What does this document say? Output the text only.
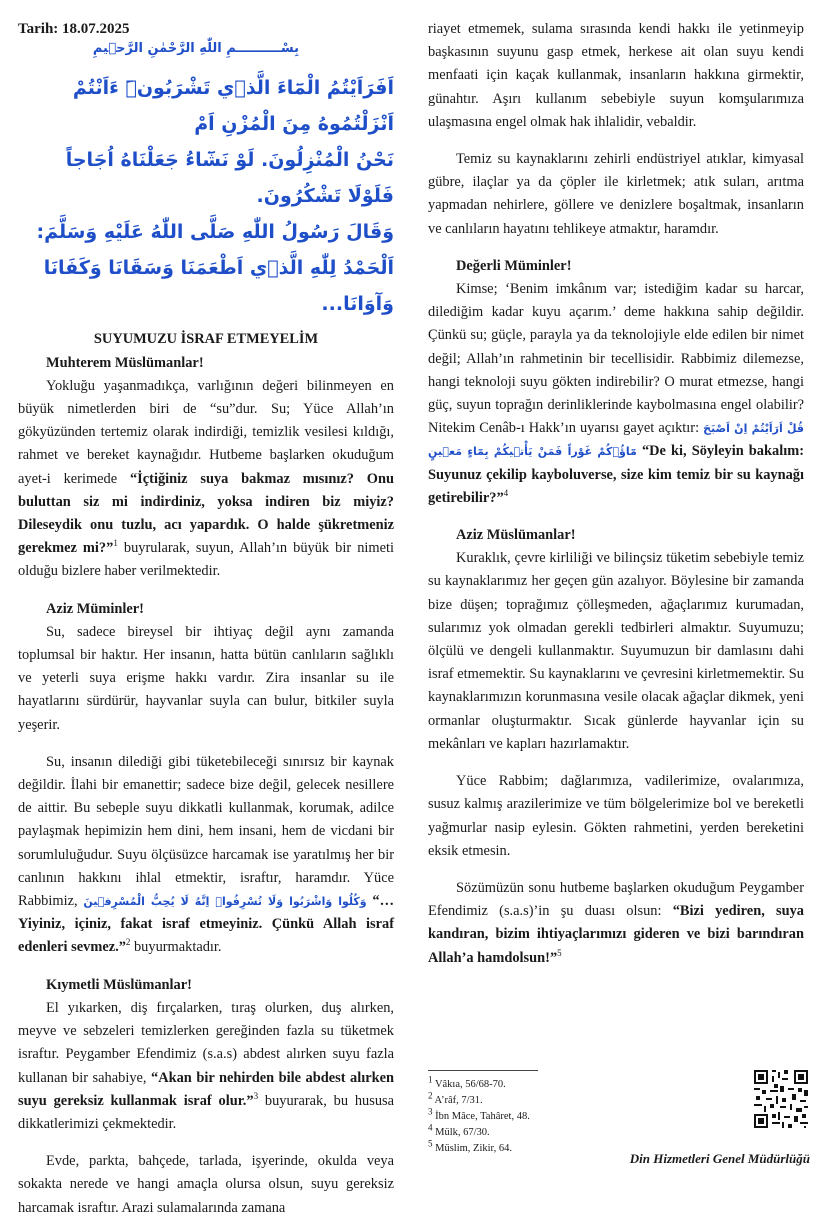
Tarih: 18.07.2025
بِسْــــــــــمِ اللّٰهِ الرَّحْمٰنِ الرَّح۪يمِ
اَفَرَاَيْتُمُ الْمَٓاءَ الَّذ۪ي تَشْرَبُونَۜ ءَاَنْتُمْ اَنْزَلْتُمُوهُ مِنَ الْمُزْنِ اَمْ
نَحْنُ الْمُنْزِلُونَ. لَوْ نَشَٓاءُ جَعَلْنَاهُ اُجَاجاً فَلَوْلَا تَشْكُرُونَ.
وَقَالَ رَسُولُ اللّٰهِ صَلَّى اللّٰهُ عَلَيْهِ وَسَلَّمَ:
اَلْحَمْدُ لِلّٰهِ الَّذ۪ي اَطْعَمَنَا وَسَقَانَا وَكَفَانَا وَآوَانَا...
SUYUMUZU İSRAF ETMEYELİM
Muhterem Müslümanlar!

Yokluğu yaşanmadıkça, varlığının değeri bilinmeyen en büyük nimetlerden biri de “su”dur. Su; Yüce Allah’ın gökyüzünden tertemiz olarak indirdiği, temizlik vesilesi kıldığı, rahmet ve bereket kaynağıdır. Hutbeme başlarken okuduğum ayet-i kerimede “İçtiğiniz suya bakmaz mısınız? Onu buluttan siz mi indirdiniz, yoksa indiren biz miyiz? Dileseydik onu tuzlu, acı yapardık. O halde şükretmeniz gerekmez mi?”$^1$ buyrularak, suyun, Allah’ın büyük bir nimeti olduğu bizlere haber verilmektedir.

Aziz Müminler!

Su, sadece bireysel bir ihtiyaç değil aynı zamanda toplumsal bir haktır. Her insanın, hatta bütün canlıların sağlıklı ve yeterli suya erişme hakkı vardır. Zira insanlar su ile hayatlarını sürdürür, hayvanlar suyla can bulur, bitkiler suyla yeşerir.

Su, insanın dilediği gibi tüketebileceği sınırsız bir kaynak değildir. İlahi bir emanettir; sadece bize değil, gelecek nesillere de aittir. Bu sebeple suyu dikkatli kullanmak, korumak, adilce paylaşmak hepimizin hem dini, hem insani, hem de vicdani bir sorumluluğudur. Suyu ölçüsüzce harcamak ise yaratılmış her bir canlının hakkını ihlal etmektir, israftır, haramdır. Yüce Rabbimiz, وَكُلُوا وَاشْرَبُوا وَلَا تُسْرِفُواۚ اِنَّهُ لَا يُحِبُّ الْمُسْرِف۪ينَ “…Yiyiniz, içiniz, fakat israf etmeyiniz. Çünkü Allah israf edenleri sevmez.”$^2$ buyurmaktadır.

Kıymetli Müslümanlar!

El yıkarken, diş fırçalarken, tıraş olurken, duş alırken, meyve ve sebzeleri temizlerken gereğinden fazla su tüketmek israftır. Peygamber Efendimiz (s.a.s) abdest alırken suyu fazla kullanan bir sahabiye, “Akan bir nehirden bile abdest alırken suyu gereksiz kullanmak israf olur.”$^3$ buyurarak, bu hususa dikkatlerimizi çekmektedir.

Evde, parkta, bahçede, tarlada, işyerinde, okulda veya sokakta nerede ve hangi amaçla olursa olsun, suyu gereksiz harcamak israftır. Arazi sulamalarında zamana

riayet etmemek, sulama sırasında kendi hakkı ile yetinmeyip başkasının suyunu gasp etmek, herkese ait olan suyu kendi menfaati için kaçak kullanmak, insanların hakkına girmektir, günahtır. Aşırı kullanım sebebiyle suyun komşularımıza ulaşmasına engel olmak hak ihlalidir, vebaldir.

Temiz su kaynaklarını zehirli endüstriyel atıklar, kimyasal gübre, ilaçlar ya da çöpler ile kirletmek; atık suları, arıtma yapmadan nehirlere, göllere ve denizlere boşaltmak, insanların ve canlıların hayatını tehlikeye atmaktır, haramdır.

Değerli Müminler!

Kimse; ‘Benim imkânım var; istediğim kadar su harcar, dilediğim kadar kuyu açarım.’ deme hakkına sahip değildir. Çünkü su; güçle, parayla ya da teknolojiyle elde edilen bir nimet değil; Allah’ın rahmetinin bir tecellisidir. Rabbimiz dilemezse, hangi teknoloji suyu gökten indirebilir? O murat etmezse, hangi güç, suyun toprağın derinliklerinde kaybolmasına engel olabilir? Nitekim Cenâb-ı Hakk’ın uyarısı gayet açıktır: قُلْ اَرَاَيْتُمْ اِنْ اَصْبَحَ مَٓاؤُ۬كُمْ غَوْراً فَمَنْ يَأْت۪يكُمْ بِمَٓاءٍ مَع۪ينٍ “De ki, Söyleyin bakalım: Suyunuz çekilip kayboluverse, size kim temiz bir su kaynağı getirebilir?”$^4$

Aziz Müslümanlar!

Kuraklık, çevre kirliliği ve bilinçsiz tüketim sebebiyle temiz su kaynaklarımız her geçen gün azalıyor. Böylesine bir zamanda bize düşen; toprağımız çölleşmeden, ağaçlarımız kurumadan, sularımız yok olmadan gerekli tedbirleri almaktır. Suyumuzu; ölçülü ve dengeli kullanmaktır. Suyumuzun bir damlasını dahi israf etmemektir. Su kaynaklarını ve çevresini kirletmemektir. Su kaynaklarımızın korunmasına vesile olacak ağaçlar dikmek, yeni ormanlar oluşturmaktır. Sıcak günlerde hayvanlar için su mekânları ve kapları hazırlamaktır.

Yüce Rabbim; dağlarımıza, vadilerimize, ovalarımıza, susuz kalmış arazilerimize ve tüm bölgelerimize bol ve bereketli yağmurlar nasip eylesin. Gökten rahmetini, yerden bereketini eksik etmesin.

Sözümüzün sonu hutbeme başlarken okuduğum Peygamber Efendimiz (s.a.s)’in şu duası olsun: “Bizi yediren, suya kandıran, bizim ihtiyaçlarımızı gideren ve bizi barındıran Allah’a hamdolsun!”$^5$

$^1$ Vâkıa, 56/68-70.
$^2$ A’râf, 7/31.
$^3$ İbn Mâce, Tahâret, 48.
$^4$ Mülk, 67/30.
$^5$ Müslim, Zikir, 64.
Din Hizmetleri Genel Müdürlüğü
